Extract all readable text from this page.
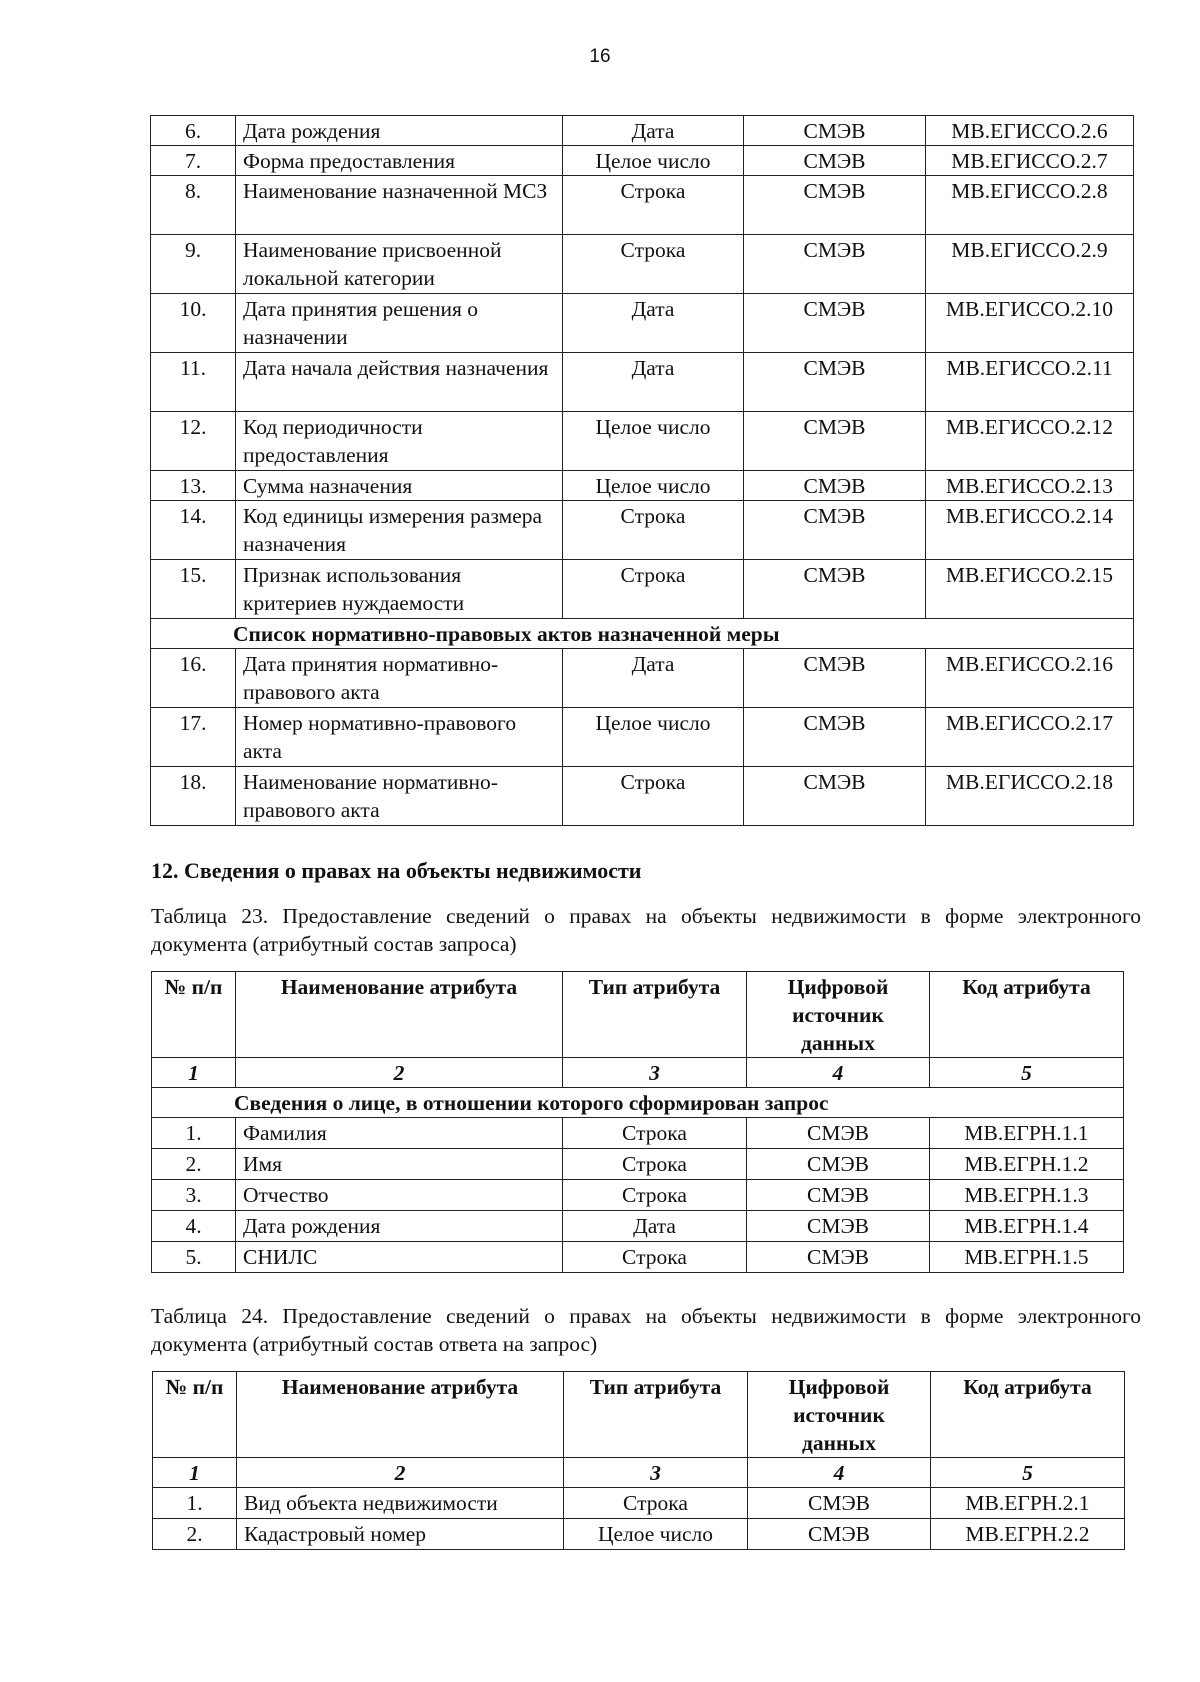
16
6.	Дата рождения	Дата	СМЭВ	МВ.ЕГИССО.2.6
7.	Форма предоставления	Целое число	СМЭВ	МВ.ЕГИССО.2.7
8.	Наименование назначенной МСЗ	Строка	СМЭВ	МВ.ЕГИССО.2.8
9.	Наименование присвоенной локальной категории	Строка	СМЭВ	МВ.ЕГИССО.2.9
10.	Дата принятия решения о назначении	Дата	СМЭВ	МВ.ЕГИССО.2.10
11.	Дата начала действия назначения	Дата	СМЭВ	МВ.ЕГИССО.2.11
12.	Код периодичности предоставления	Целое число	СМЭВ	МВ.ЕГИССО.2.12
13.	Сумма назначения	Целое число	СМЭВ	МВ.ЕГИССО.2.13
14.	Код единицы измерения размера назначения	Строка	СМЭВ	МВ.ЕГИССО.2.14
15.	Признак использования критериев нуждаемости	Строка	СМЭВ	МВ.ЕГИССО.2.15
Список нормативно-правовых актов назначенной меры				
16.	Дата принятия нормативно-правового акта	Дата	СМЭВ	МВ.ЕГИССО.2.16
17.	Номер нормативно-правового акта	Целое число	СМЭВ	МВ.ЕГИССО.2.17
18.	Наименование нормативно-правового акта	Строка	СМЭВ	МВ.ЕГИССО.2.18
12. Сведения о правах на объекты недвижимости
Таблица 23. Предоставление сведений о правах на объекты недвижимости в форме электронного документа (атрибутный состав запроса)
№ п/п	Наименование атрибута	Тип атрибута	Цифровой источник данных	Код атрибута
1	2	3	4	5
Сведения о лице, в отношении которого сформирован запрос				
1.	Фамилия	Строка	СМЭВ	МВ.ЕГРН.1.1
2.	Имя	Строка	СМЭВ	МВ.ЕГРН.1.2
3.	Отчество	Строка	СМЭВ	МВ.ЕГРН.1.3
4.	Дата рождения	Дата	СМЭВ	МВ.ЕГРН.1.4
5.	СНИЛС	Строка	СМЭВ	МВ.ЕГРН.1.5
Таблица 24. Предоставление сведений о правах на объекты недвижимости в форме электронного документа (атрибутный состав ответа на запрос)
№ п/п	Наименование атрибута	Тип атрибута	Цифровой источник данных	Код атрибута
1	2	3	4	5
1.	Вид объекта недвижимости	Строка	СМЭВ	МВ.ЕГРН.2.1
2.	Кадастровый номер	Целое число	СМЭВ	МВ.ЕГРН.2.2
